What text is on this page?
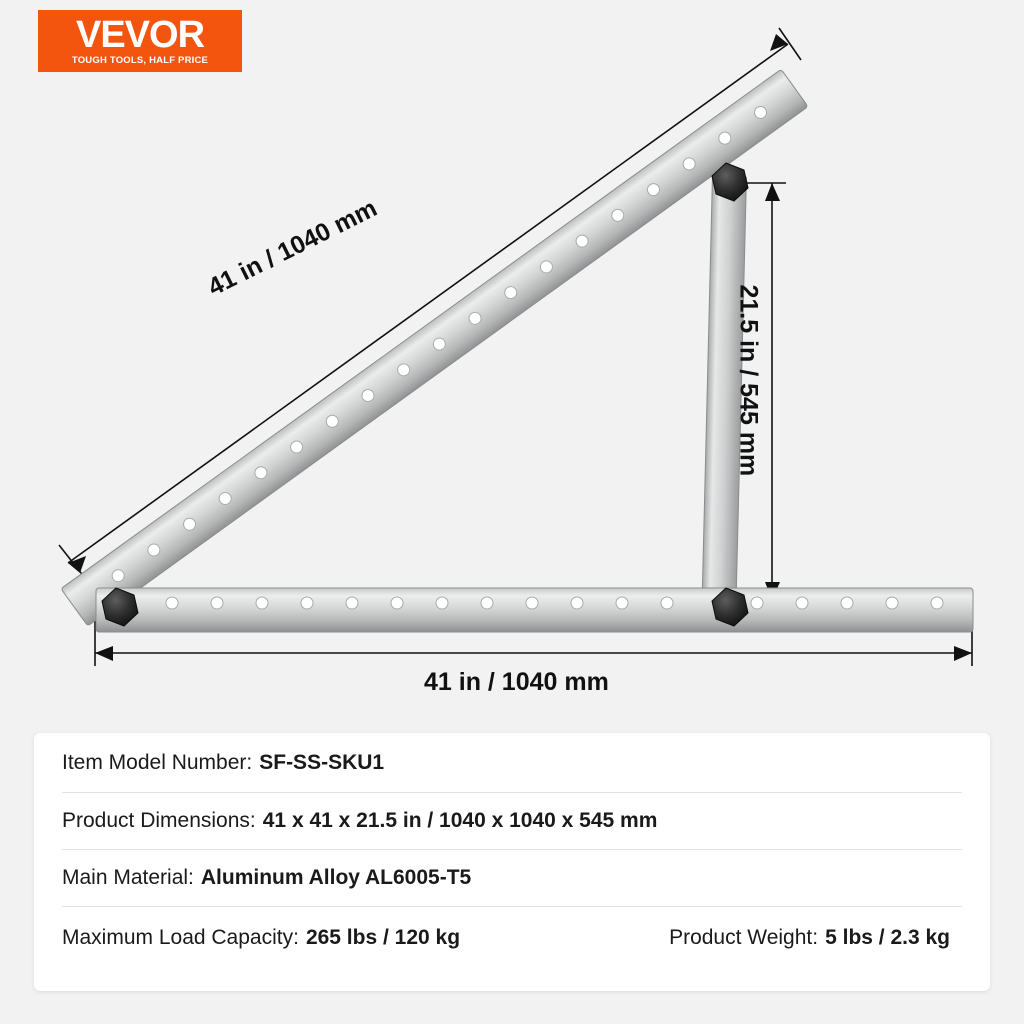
VEVOR
TOUGH TOOLS, HALF PRICE
41 in / 1040 mm
21.5 in / 545 mm
41 in / 1040 mm
Item Model Number: SF-SS-SKU1
Product Dimensions: 41 x 41 x 21.5 in / 1040 x 1040 x 545 mm
Main Material: Aluminum Alloy AL6005-T5
Maximum Load Capacity: 265 lbs / 120 kg	Product Weight: 5 lbs / 2.3 kg
